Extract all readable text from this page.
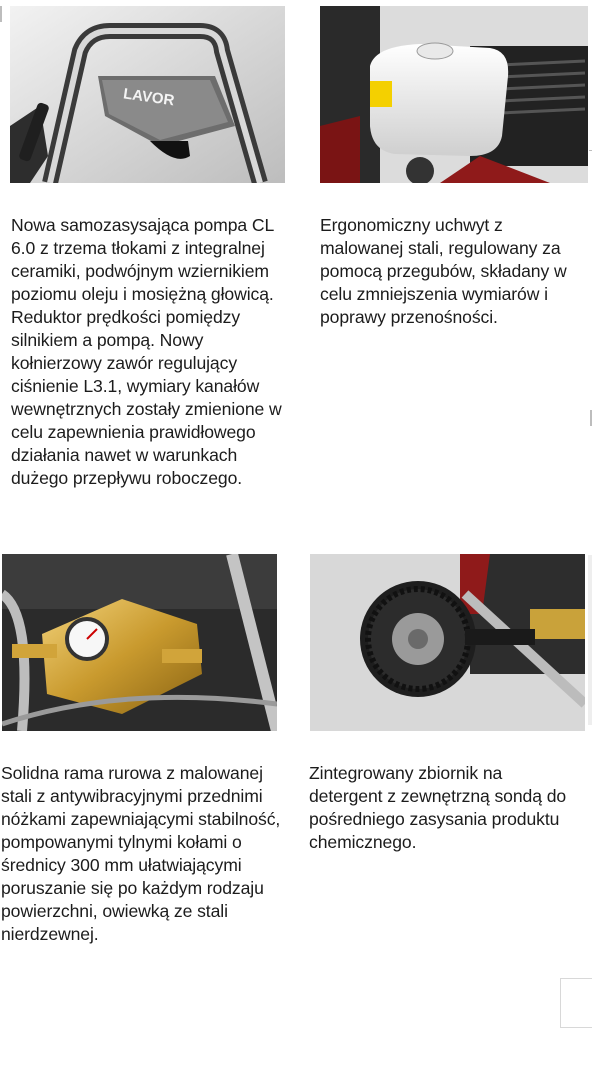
LAVOR
Nowa samozasysająca pompa CL 6.0 z trzema tłokami z integralnej ceramiki, podwójnym wziernikiem poziomu oleju i mosiężną głowicą. Reduktor prędkości pomiędzy silnikiem a pompą. Nowy kołnierzowy zawór regulujący ciśnienie L3.1, wymiary kanałów wewnętrznych zostały zmienione w celu zapewnienia prawidłowego działania nawet w warunkach dużego przepływu roboczego.
Ergonomiczny uchwyt z malowanej stali, regulowany za pomocą przegubów, składany w celu zmniejszenia wymiarów i poprawy przenośności.
Solidna rama rurowa z malowanej stali z antywibracyjnymi przednimi nóżkami zapewniającymi stabilność, pompowanymi tylnymi kołami o średnicy 300 mm ułatwiającymi poruszanie się po każdym rodzaju powierzchni, owiewką ze stali nierdzewnej.
Zintegrowany zbiornik na detergent z zewnętrzną sondą do pośredniego zasysania produktu chemicznego.
